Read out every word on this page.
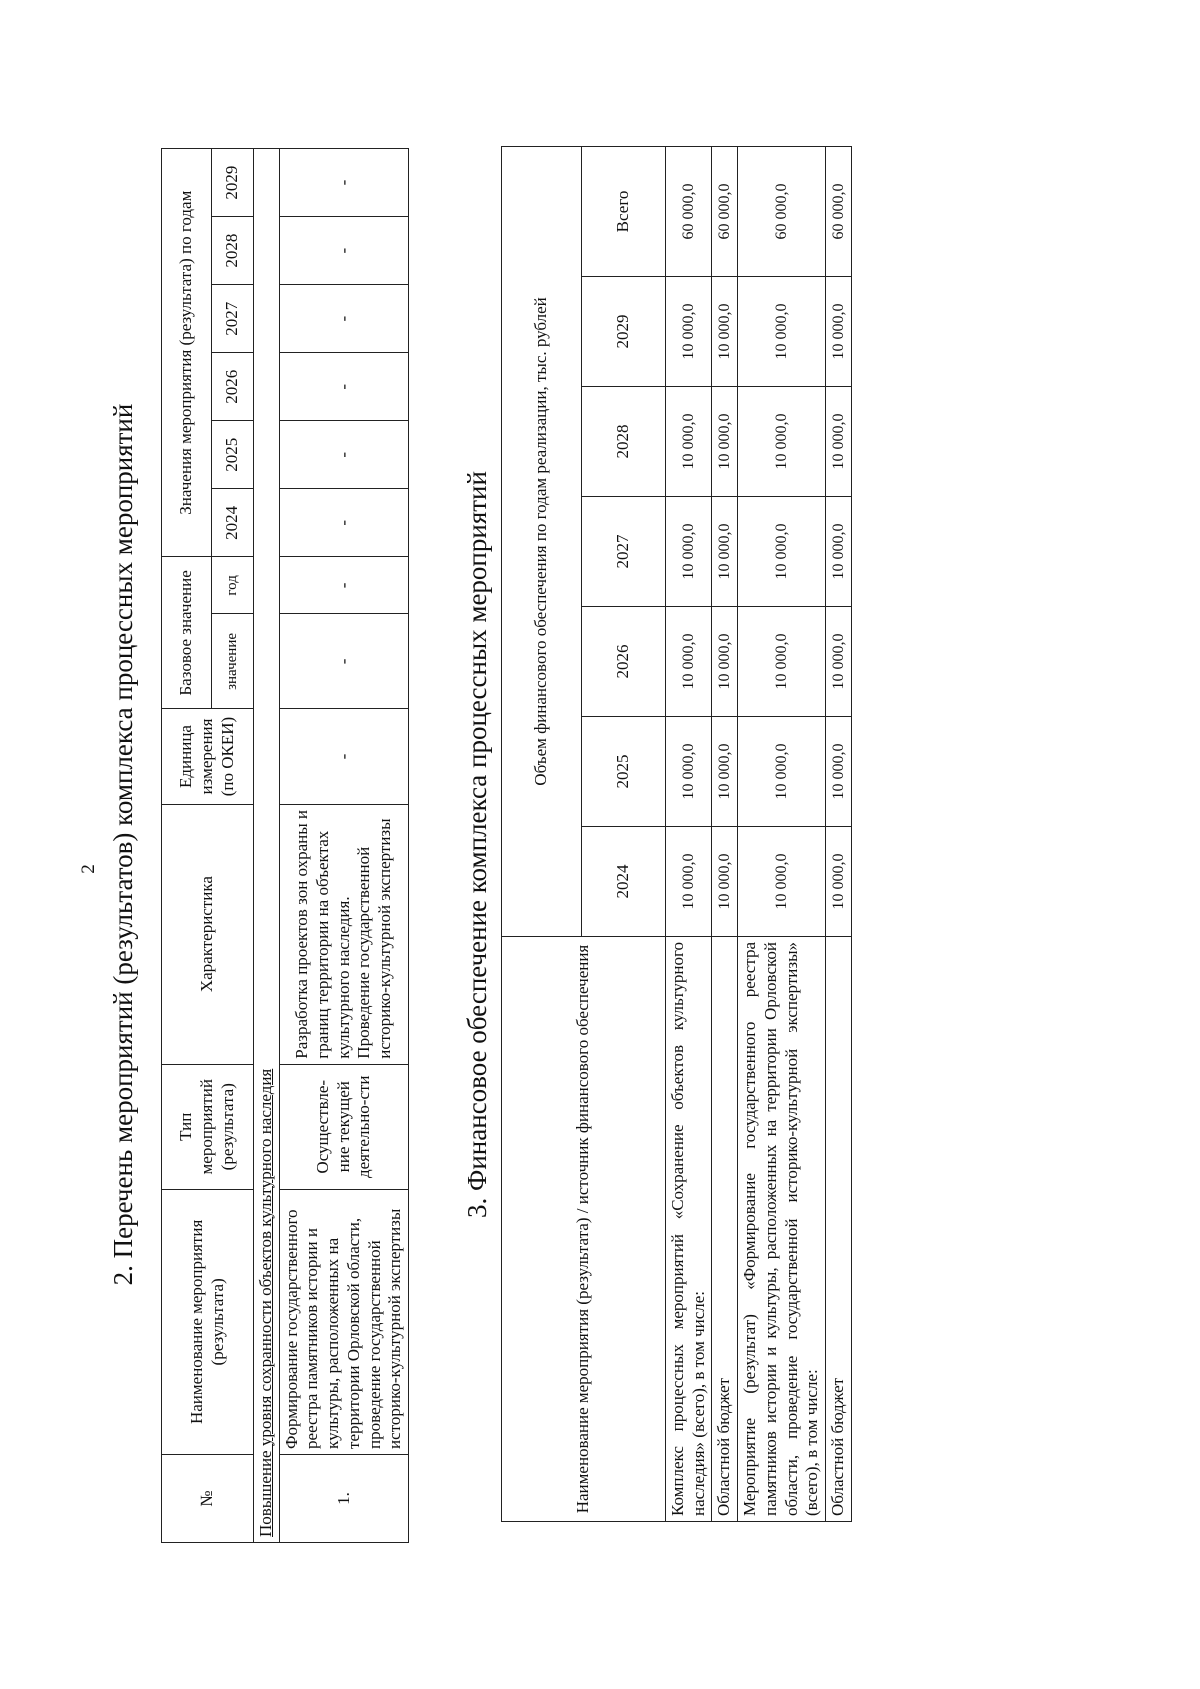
2 2. Перечень мероприятий (результатов) комплекса процессных мероприятий
№	Наименование мероприятия (результата)	Тип мероприятий (результата)	Характеристика	Единица измерения (по ОКЕИ)	Базовое значение		Значения мероприятия (результата) по годам					
					значение	год	2024	2025	2026	2027	2028	2029
Повышение уровня сохранности объектов культурного наследия												
1.	Формирование государственного реестра памятников истории и культуры, расположенных на территории Орловской области, проведение государственной историко-культурной экспертизы	Осуществле-ние текущей деятельно-сти	Разработка проектов зон охраны и границ территории на объектах культурного наследия. Проведение государственной историко-культурной экспертизы	-	-	-	-	-	-	-	-	-
3. Финансовое обеспечение комплекса процессных мероприятий
Наименование мероприятия (результата) / источник финансового обеспечения	Объем финансового обеспечения по годам реализации, тыс. рублей						
	2024	2025	2026	2027	2028	2029	Всего
Комплекс процессных мероприятий «Сохранение объектов культурного наследия» (всего), в том числе:	10 000,0	10 000,0	10 000,0	10 000,0	10 000,0	10 000,0	60 000,0
Областной бюджет	10 000,0	10 000,0	10 000,0	10 000,0	10 000,0	10 000,0	60 000,0
Мероприятие (результат) «Формирование государственного реестра памятников истории и культуры, расположенных на территории Орловской области, проведение государственной историко-культурной экспертизы» (всего), в том числе:	10 000,0	10 000,0	10 000,0	10 000,0	10 000,0	10 000,0	60 000,0
Областной бюджет	10 000,0	10 000,0	10 000,0	10 000,0	10 000,0	10 000,0	60 000,0
